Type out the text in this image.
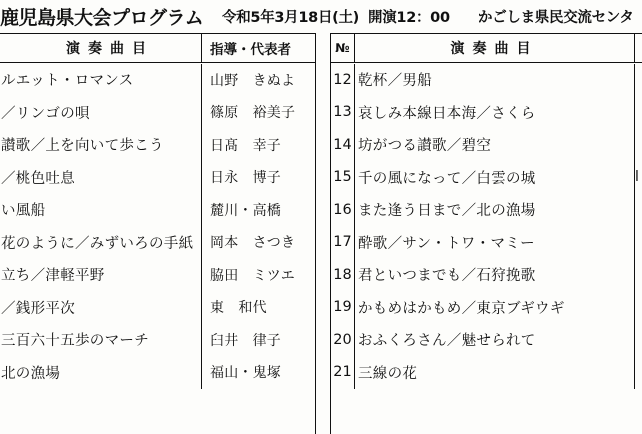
鹿児島県大会プログラム 令和5年3月18日(土) 開演12：00 かごしま県民交流センタ
演奏曲目	指導・代表者
ルエット・ロマンス	山野　きぬよ
／リンゴの唄	篠原　裕美子
讃歌／上を向いて歩こう	日髙　幸子
／桃色吐息	日永　博子
い風船	麓川・高橋
花のように／みずいろの手紙	岡本　さつき
立ち／津軽平野	脇田　ミツエ
／銭形平次	東　和代
三百六十五歩のマーチ	臼井　律子
北の漁場	福山・鬼塚
№	演奏曲目
12 乾杯／男船
13 哀しみ本線日本海／さくら
14 坊がつる讃歌／碧空
15 千の風になって／白雲の城	l
16 また逢う日まで／北の漁場
17 酔歌／サン・トワ・マミー
18 君といつまでも／石狩挽歌
19 かもめはかもめ／東京ブギウギ
20 おふくろさん／魅せられて
21 三線の花
